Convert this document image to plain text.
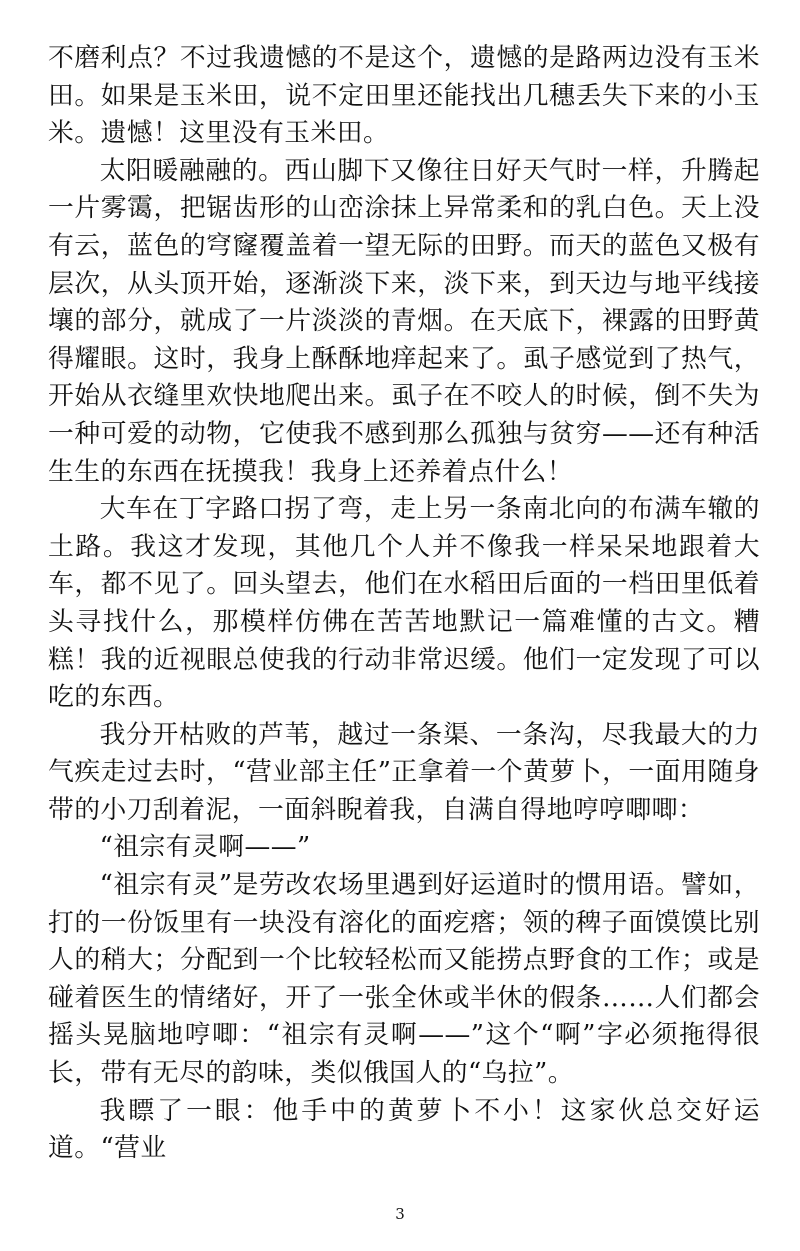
不磨利点？不过我遗憾的不是这个，遗憾的是路两边没有玉米田。如果是玉米田，说不定田里还能找出几穗丢失下来的小玉米。遗憾！这里没有玉米田。

太阳暖融融的。西山脚下又像往日好天气时一样，升腾起一片雾霭，把锯齿形的山峦涂抹上异常柔和的乳白色。天上没有云，蓝色的穹窿覆盖着一望无际的田野。而天的蓝色又极有层次，从头顶开始，逐渐淡下来，淡下来，到天边与地平线接壤的部分，就成了一片淡淡的青烟。在天底下，裸露的田野黄得耀眼。这时，我身上酥酥地痒起来了。虱子感觉到了热气，开始从衣缝里欢快地爬出来。虱子在不咬人的时候，倒不失为一种可爱的动物，它使我不感到那么孤独与贫穷——还有种活生生的东西在抚摸我！我身上还养着点什么！

大车在丁字路口拐了弯，走上另一条南北向的布满车辙的土路。我这才发现，其他几个人并不像我一样呆呆地跟着大车，都不见了。回头望去，他们在水稻田后面的一档田里低着头寻找什么，那模样仿佛在苦苦地默记一篇难懂的古文。糟糕！我的近视眼总使我的行动非常迟缓。他们一定发现了可以吃的东西。

我分开枯败的芦苇，越过一条渠、一条沟，尽我最大的力气疾走过去时，“营业部主任”正拿着一个黄萝卜，一面用随身带的小刀刮着泥，一面斜睨着我，自满自得地哼哼唧唧：

“祖宗有灵啊——”

“祖宗有灵”是劳改农场里遇到好运道时的惯用语。譬如，打的一份饭里有一块没有溶化的面疙瘩；领的稗子面馍馍比别人的稍大；分配到一个比较轻松而又能捞点野食的工作；或是碰着医生的情绪好，开了一张全休或半休的假条……人们都会摇头晃脑地哼唧：“祖宗有灵啊——”这个“啊”字必须拖得很长，带有无尽的韵味，类似俄国人的“乌拉”。

我瞟了一眼：他手中的黄萝卜不小！这家伙总交好运道。“营业

3
